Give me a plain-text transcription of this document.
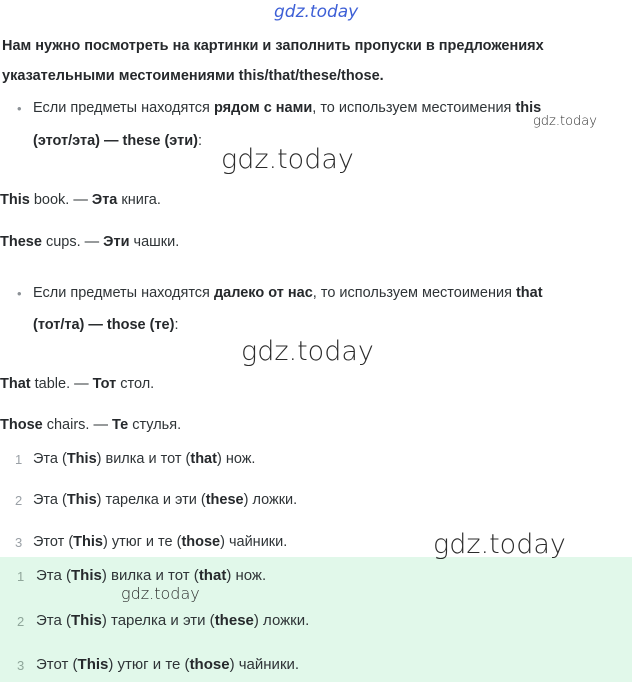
gdz.today
Нам нужно посмотреть на картинки и заполнить пропуски в предложениях
указательными местоимениями this/that/these/those.
• Если предметы находятся рядом с нами, то используем местоимения this
(этот/эта) — these (эти):
gdz.today
gdz.today
This book. — Эта книга.
These cups. — Эти чашки.
• Если предметы находятся далеко от нас, то используем местоимения that
(тот/та) — those (те):
gdz.today
That table. — Тот стол.
Those chairs. — Те стулья.
1 Эта (This) вилка и тот (that) нож.
2 Эта (This) тарелка и эти (these) ложки.
3 Этот (This) утюг и те (those) чайники.	gdz.today
1 Эта (This) вилка и тот (that) нож.
gdz.today
2 Эта (This) тарелка и эти (these) ложки.
3 Этот (This) утюг и те (those) чайники.
